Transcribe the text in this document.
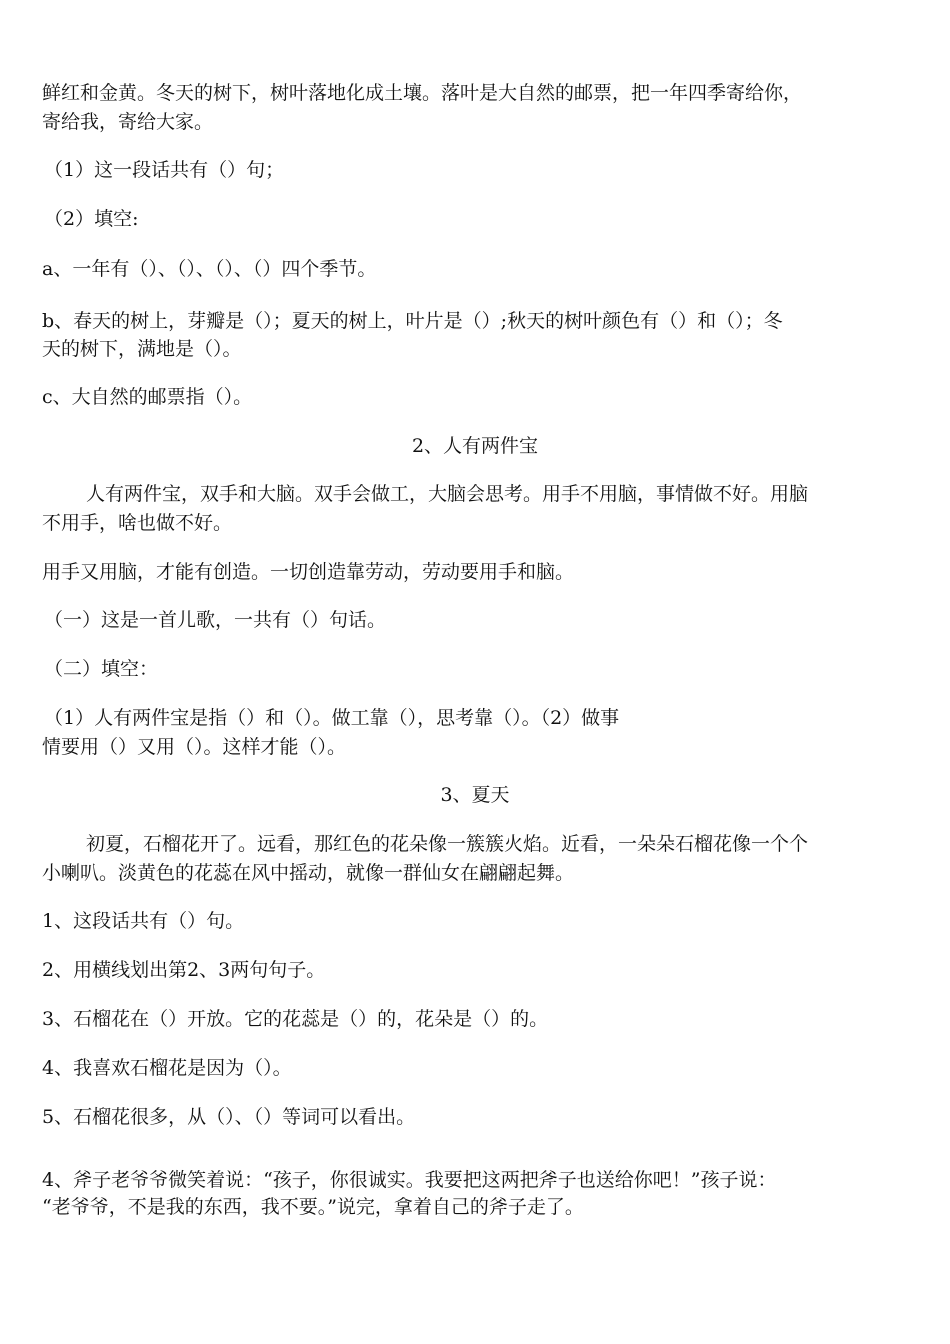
鲜红和金黄。冬天的树下，树叶落地化成土壤。落叶是大自然的邮票，把一年四季寄给你，
寄给我，寄给大家。
（1）这一段话共有（）句；
（2）填空:
a、一年有（）、（）、（）、（）四个季节。
b、春天的树上，芽瓣是（）；夏天的树上，叶片是（）;秋天的树叶颜色有（）和（）；冬
天的树下，满地是（）。
c、大自然的邮票指（）。
2、人有两件宝
人有两件宝，双手和大脑。双手会做工，大脑会思考。用手不用脑，事情做不好。用脑
不用手，啥也做不好。
用手又用脑，才能有创造。一切创造靠劳动，劳动要用手和脑。
（一）这是一首儿歌，一共有（）句话。
（二）填空：
（1）人有两件宝是指（）和（）。做工靠（），思考靠（）。（2）做事
情要用（）又用（）。这样才能（）。
3、夏天
初夏，石榴花开了。远看，那红色的花朵像一簇簇火焰。近看，一朵朵石榴花像一个个
小喇叭。淡黄色的花蕊在风中摇动，就像一群仙女在翩翩起舞。
1、这段话共有（）句。
2、用横线划出第2、3两句句子。
3、石榴花在（）开放。它的花蕊是（）的，花朵是（）的。
4、我喜欢石榴花是因为（）。
5、石榴花很多，从（）、（）等词可以看出。
4、斧子老爷爷微笑着说：“孩子，你很诚实。我要把这两把斧子也送给你吧！”孩子说：
“老爷爷，不是我的东西，我不要。”说完，拿着自己的斧子走了。
